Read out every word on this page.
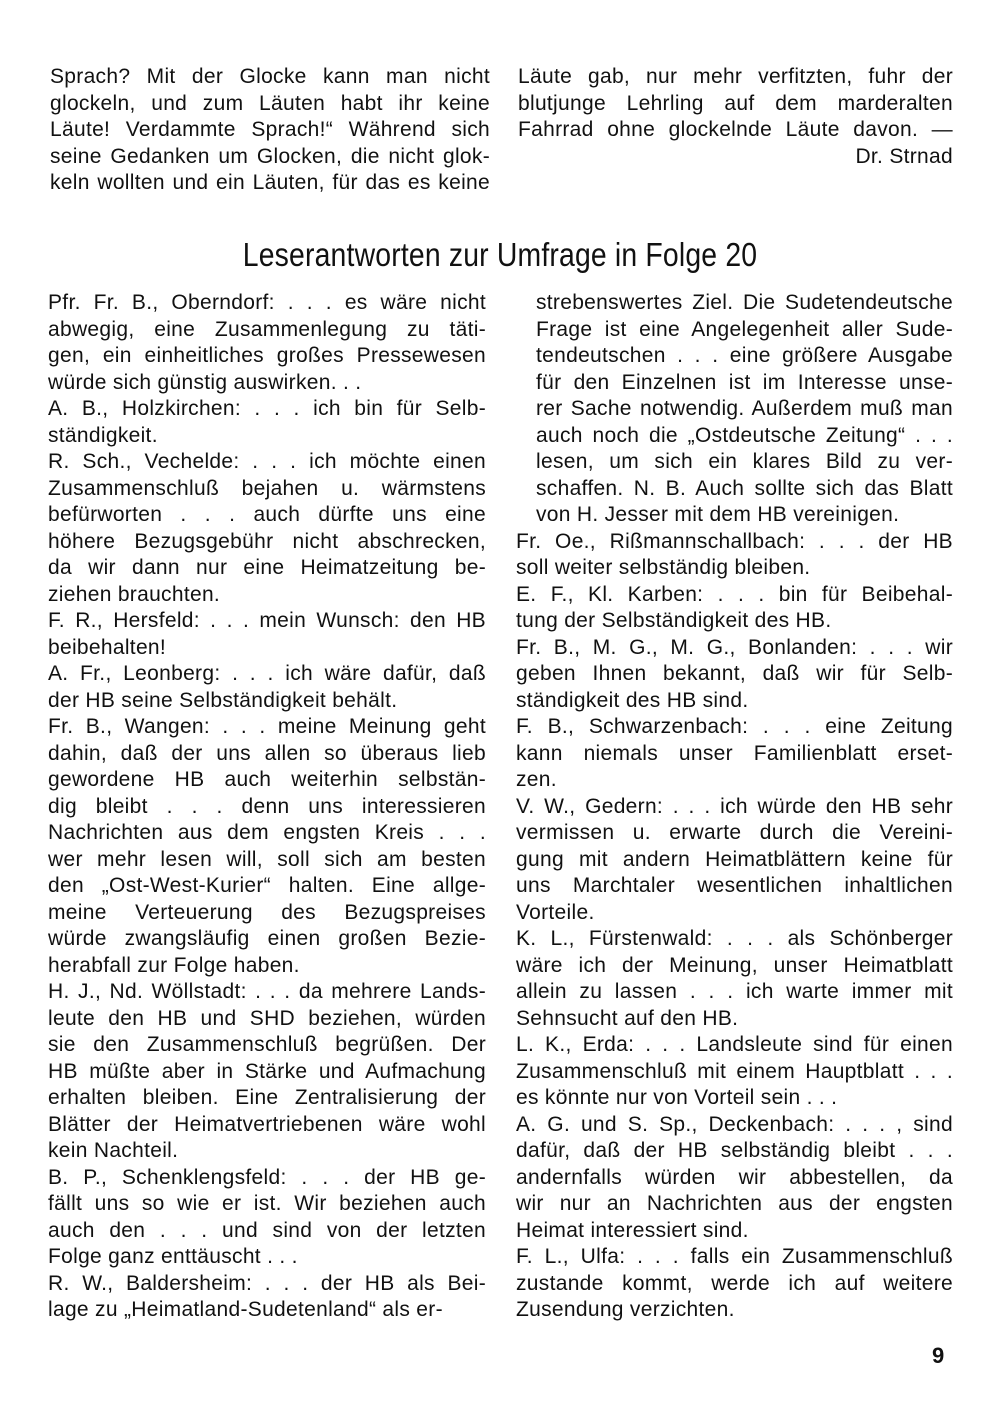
Sprach? Mit der Glocke kann man nicht
glockeln, und zum Läuten habt ihr keine
Läute! Verdammte Sprach!“ Während sich
seine Gedanken um Glocken, die nicht glok-
keln wollten und ein Läuten, für das es keine
Läute gab, nur mehr verfitzten, fuhr der
blutjunge Lehrling auf dem marderalten
Fahrrad ohne glockelnde Läute davon. —
Dr. Strnad
Leserantworten zur Umfrage in Folge 20
Pfr. Fr. B., Oberndorf: . . . es wäre nicht
abwegig, eine Zusammenlegung zu täti-
gen, ein einheitliches großes Pressewesen
würde sich günstig auswirken. . .
A. B., Holzkirchen: . . . ich bin für Selb-
ständigkeit.
R. Sch., Vechelde: . . . ich möchte einen
Zusammenschluß bejahen u. wärmstens
befürworten . . . auch dürfte uns eine
höhere Bezugsgebühr nicht abschrecken,
da wir dann nur eine Heimatzeitung be-
ziehen brauchten.
F. R., Hersfeld: . . . mein Wunsch: den HB
beibehalten!
A. Fr., Leonberg: . . . ich wäre dafür, daß
der HB seine Selbständigkeit behält.
Fr. B., Wangen: . . . meine Meinung geht
dahin, daß der uns allen so überaus lieb
gewordene HB auch weiterhin selbstän-
dig bleibt . . . denn uns interessieren
Nachrichten aus dem engsten Kreis . . .
wer mehr lesen will, soll sich am besten
den „Ost-West-Kurier“ halten. Eine allge-
meine Verteuerung des Bezugspreises
würde zwangsläufig einen großen Bezie-
herabfall zur Folge haben.
H. J., Nd. Wöllstadt: . . . da mehrere Lands-
leute den HB und SHD beziehen, würden
sie den Zusammenschluß begrüßen. Der
HB müßte aber in Stärke und Aufmachung
erhalten bleiben. Eine Zentralisierung der
Blätter der Heimatvertriebenen wäre wohl
kein Nachteil.
B. P., Schenklengsfeld: . . . der HB ge-
fällt uns so wie er ist. Wir beziehen auch
auch den . . . und sind von der letzten
Folge ganz enttäuscht . . .
R. W., Baldersheim: . . . der HB als Bei-
lage zu „Heimatland-Sudetenland“ als er-
strebenswertes Ziel. Die Sudetendeutsche
Frage ist eine Angelegenheit aller Sude-
tendeutschen . . . eine größere Ausgabe
für den Einzelnen ist im Interesse unse-
rer Sache notwendig. Außerdem muß man
auch noch die „Ostdeutsche Zeitung“ . . .
lesen, um sich ein klares Bild zu ver-
schaffen. N. B. Auch sollte sich das Blatt
von H. Jesser mit dem HB vereinigen.
Fr. Oe., Rißmannschallbach: . . . der HB
soll weiter selbständig bleiben.
E. F., Kl. Karben: . . . bin für Beibehal-
tung der Selbständigkeit des HB.
Fr. B., M. G., M. G., Bonlanden: . . . wir
geben Ihnen bekannt, daß wir für Selb-
ständigkeit des HB sind.
F. B., Schwarzenbach: . . . eine Zeitung
kann niemals unser Familienblatt erset-
zen.
V. W., Gedern: . . . ich würde den HB sehr
vermissen u. erwarte durch die Vereini-
gung mit andern Heimatblättern keine für
uns Marchtaler wesentlichen inhaltlichen
Vorteile.
K. L., Fürstenwald: . . . als Schönberger
wäre ich der Meinung, unser Heimatblatt
allein zu lassen . . . ich warte immer mit
Sehnsucht auf den HB.
L. K., Erda: . . . Landsleute sind für einen
Zusammenschluß mit einem Hauptblatt . . .
es könnte nur von Vorteil sein . . .
A. G. und S. Sp., Deckenbach: . . . , sind
dafür, daß der HB selbständig bleibt . . .
andernfalls würden wir abbestellen, da
wir nur an Nachrichten aus der engsten
Heimat interessiert sind.
F. L., Ulfa: . . . falls ein Zusammenschluß
zustande kommt, werde ich auf weitere
Zusendung verzichten.
9
